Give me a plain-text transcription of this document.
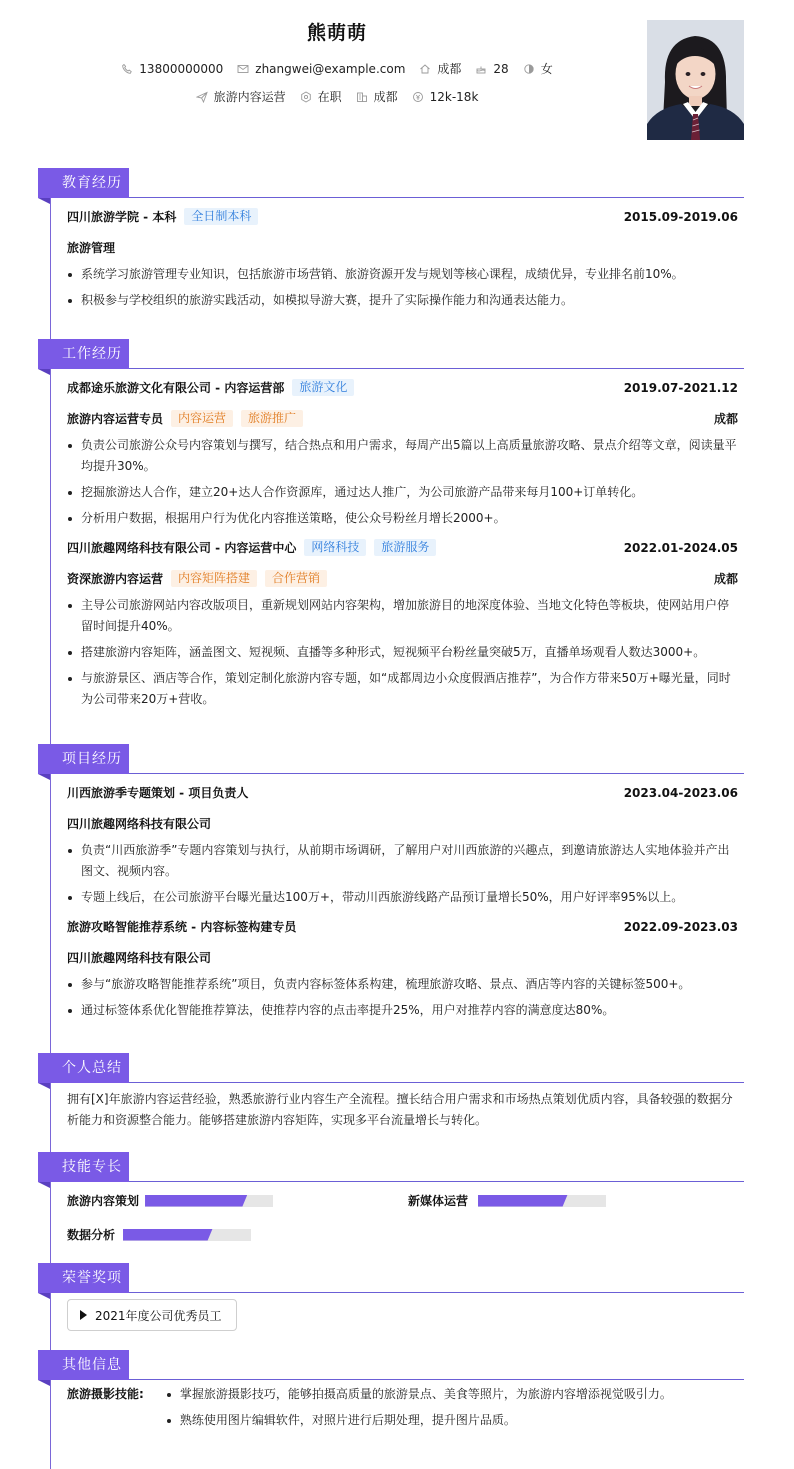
熊萌萌
13800000000	zhangwei@example.com	成都	28	女
旅游内容运营	在职	成都	12k-18k
教育经历
四川旅游学院 - 本科	全日制本科	2015.09-2019.06
旅游管理
系统学习旅游管理专业知识，包括旅游市场营销、旅游资源开发与规划等核心课程，成绩优异，专业排名前10%。
积极参与学校组织的旅游实践活动，如模拟导游大赛，提升了实际操作能力和沟通表达能力。
工作经历
成都途乐旅游文化有限公司 - 内容运营部	旅游文化	2019.07-2021.12
旅游内容运营专员	内容运营	旅游推广	成都
负责公司旅游公众号内容策划与撰写，结合热点和用户需求，每周产出5篇以上高质量旅游攻略、景点介绍等文章，阅读量平均提升30%。
挖掘旅游达人合作，建立20+达人合作资源库，通过达人推广，为公司旅游产品带来每月100+订单转化。
分析用户数据，根据用户行为优化内容推送策略，使公众号粉丝月增长2000+。
四川旅趣网络科技有限公司 - 内容运营中心	网络科技	旅游服务	2022.01-2024.05
资深旅游内容运营	内容矩阵搭建	合作营销	成都
主导公司旅游网站内容改版项目，重新规划网站内容架构，增加旅游目的地深度体验、当地文化特色等板块，使网站用户停留时间提升40%。
搭建旅游内容矩阵，涵盖图文、短视频、直播等多种形式，短视频平台粉丝量突破5万，直播单场观看人数达3000+。
与旅游景区、酒店等合作，策划定制化旅游内容专题，如“成都周边小众度假酒店推荐”，为合作方带来50万+曝光量，同时为公司带来20万+营收。
项目经历
川西旅游季专题策划 - 项目负责人	2023.04-2023.06
四川旅趣网络科技有限公司
负责“川西旅游季”专题内容策划与执行，从前期市场调研，了解用户对川西旅游的兴趣点，到邀请旅游达人实地体验并产出图文、视频内容。
专题上线后，在公司旅游平台曝光量达100万+，带动川西旅游线路产品预订量增长50%，用户好评率95%以上。
旅游攻略智能推荐系统 - 内容标签构建专员	2022.09-2023.03
四川旅趣网络科技有限公司
参与“旅游攻略智能推荐系统”项目，负责内容标签体系构建，梳理旅游攻略、景点、酒店等内容的关键标签500+。
通过标签体系优化智能推荐算法，使推荐内容的点击率提升25%，用户对推荐内容的满意度达80%。
个人总结
拥有[X]年旅游内容运营经验，熟悉旅游行业内容生产全流程。擅长结合用户需求和市场热点策划优质内容，具备较强的数据分析能力和资源整合能力。能够搭建旅游内容矩阵，实现多平台流量增长与转化。
技能专长
旅游内容策划	新媒体运营
数据分析
荣誉奖项
2021年度公司优秀员工
其他信息
旅游摄影技能:	掌握旅游摄影技巧，能够拍摄高质量的旅游景点、美食等照片，为旅游内容增添视觉吸引力。
熟练使用图片编辑软件，对照片进行后期处理，提升图片品质。
